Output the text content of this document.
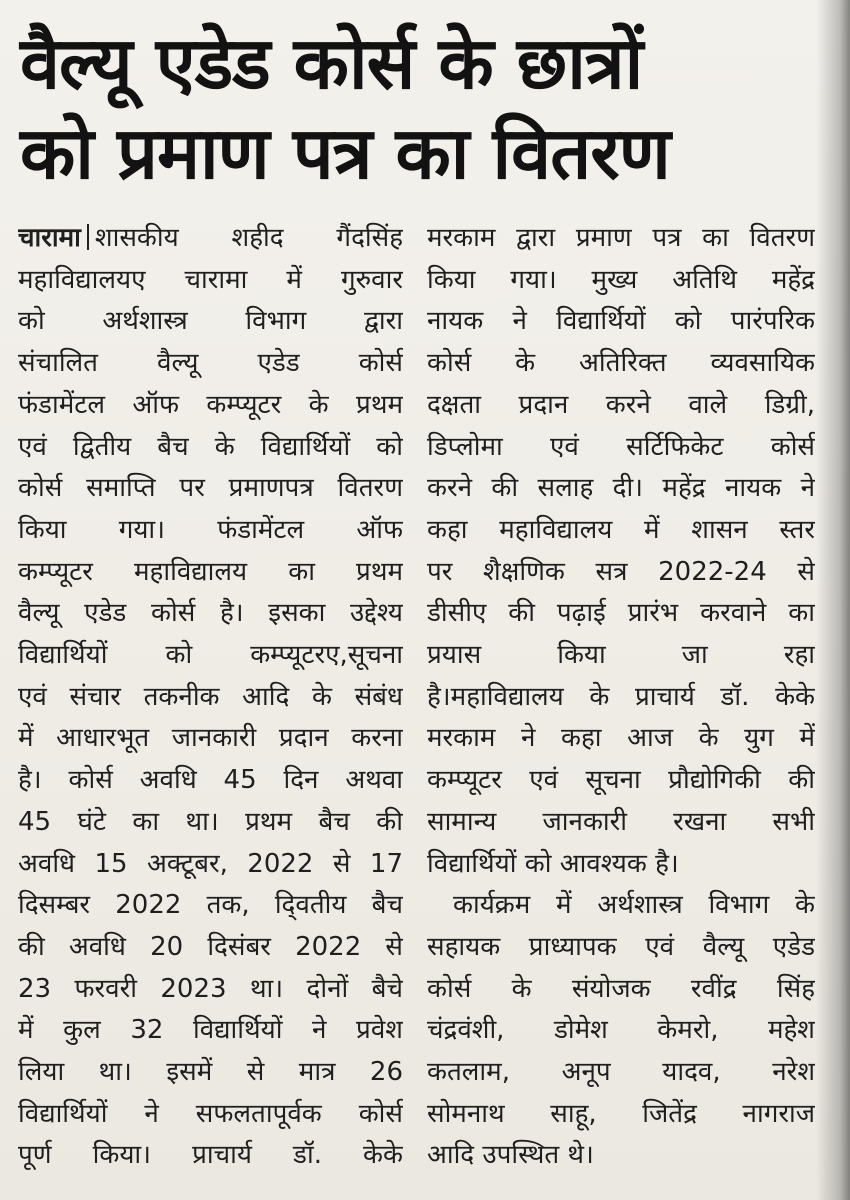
वैल्यू एडेड कोर्स के छात्रों
को प्रमाण पत्र का वितरण
चारामा शासकीय शहीद गैंदसिंह
महाविद्यालयए चारामा में गुरुवार
को अर्थशास्त्र विभाग द्वारा
संचालित वैल्यू एडेड कोर्स
फंडामेंटल ऑफ कम्प्यूटर के प्रथम
एवं द्वितीय बैच के विद्यार्थियों को
कोर्स समाप्ति पर प्रमाणपत्र वितरण
किया गया। फंडामेंटल ऑफ
कम्प्यूटर महाविद्यालय का प्रथम
वैल्यू एडेड कोर्स है। इसका उद्देश्य
विद्यार्थियों को कम्प्यूटरए,सूचना
एवं संचार तकनीक आदि के संबंध
में आधारभूत जानकारी प्रदान करना
है। कोर्स अवधि 45 दिन अथवा
45 घंटे का था। प्रथम बैच की
अवधि 15 अक्टूबर, 2022 से 17
दिसम्बर 2022 तक, दि्वतीय बैच
की अवधि 20 दिसंबर 2022 से
23 फरवरी 2023 था। दोनों बैचे
में कुल 32 विद्यार्थियों ने प्रवेश
लिया था। इसमें से मात्र 26
विद्यार्थियों ने सफलतापूर्वक कोर्स
पूर्ण किया। प्राचार्य डॉ. केके
मरकाम द्वारा प्रमाण पत्र का वितरण
किया गया। मुख्य अतिथि महेंद्र
नायक ने विद्यार्थियों को पारंपरिक
कोर्स के अतिरिक्त व्यवसायिक
दक्षता प्रदान करने वाले डिग्री,
डिप्लोमा एवं सर्टिफिकेट कोर्स
करने की सलाह दी। महेंद्र नायक ने
कहा महाविद्यालय में शासन स्तर
पर शैक्षणिक सत्र 2022-24 से
डीसीए की पढ़ाई प्रारंभ करवाने का
प्रयास किया जा रहा
है।महाविद्यालय के प्राचार्य डॉ. केके
मरकाम ने कहा आज के युग में
कम्प्यूटर एवं सूचना प्रौद्योगिकी की
सामान्य जानकारी रखना सभी
विद्यार्थियों को आवश्यक है।
कार्यक्रम में अर्थशास्त्र विभाग के
सहायक प्राध्यापक एवं वैल्यू एडेड
कोर्स के संयोजक रवींद्र सिंह
चंद्रवंशी, डोमेश केमरो, महेश
कतलाम, अनूप यादव, नरेश
सोमनाथ साहू, जितेंद्र नागराज
आदि उपस्थित थे।
